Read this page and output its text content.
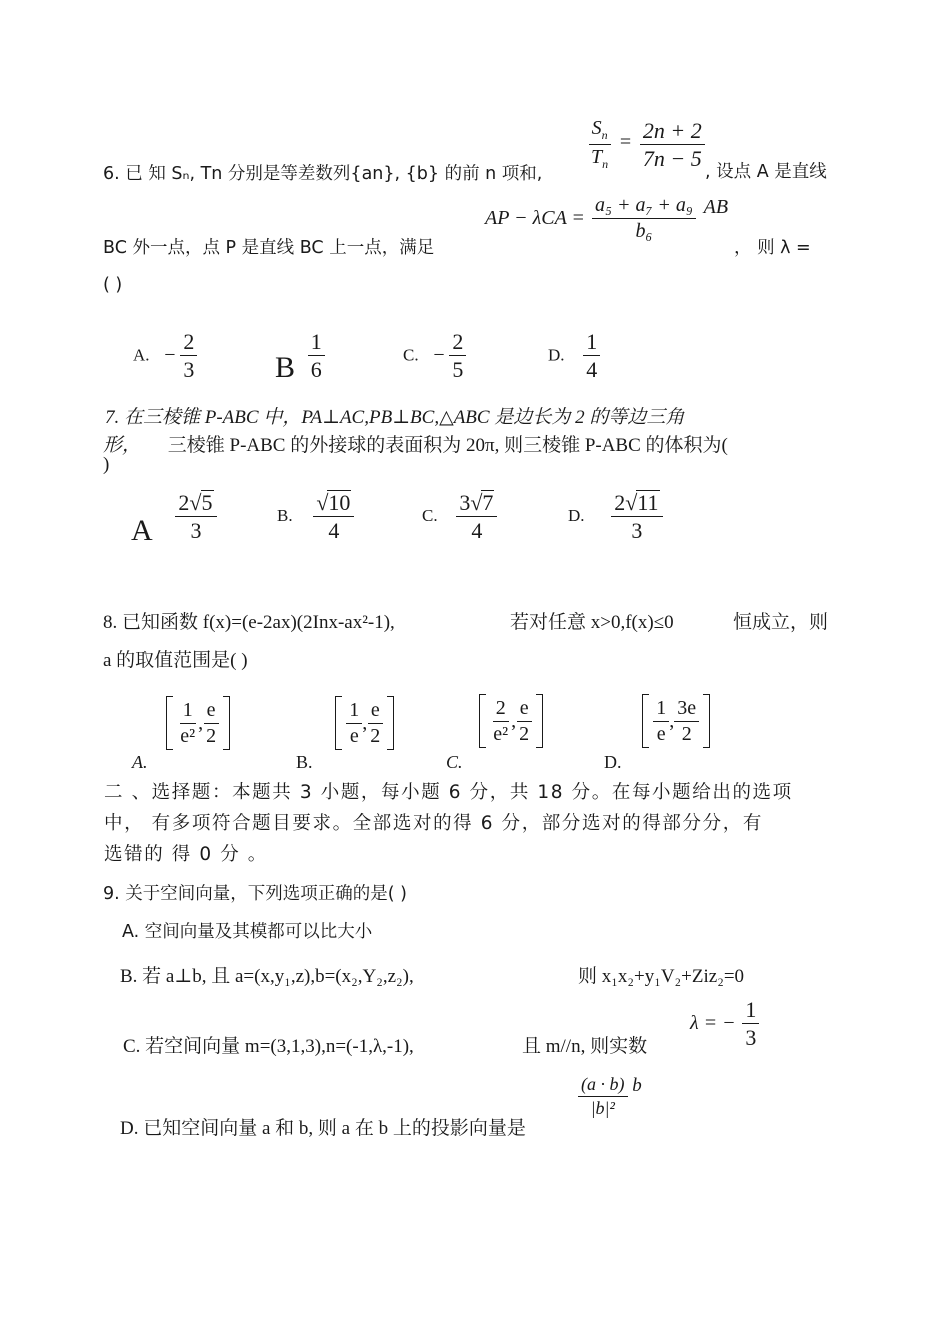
6. 已 知 Sₙ, Tn 分别是等差数列{an}, {b} 的前 n 项和,
$\frac{S_n}{T_n} = \frac{2n + 2}{7n - 5}$
, 设点 A 是直线
BC 外一点，点 P 是直线 BC 上一点，满足
AP − $\lambda CA = \frac{\text{a₅ + a₇ + a₉}}{\text{b₆}}$ AB
， 则 λ =
( )
A. − $\frac{2}{3}$	B $\frac{1}{6}$	C. − $\frac{2}{5}$	D. $\frac{1}{4}$
7. 在三棱锥 P-ABC 中，PA⊥AC,PB⊥BC,△ABC 是边长为 2 的等边三角
形， 三棱锥 P-ABC 的外接球的表面积为 20π, 则三棱锥 P-ABC 的体积为(
)
A $\frac{2√5}{3}$	B. $\frac{√10}{4}$	C. $\frac{3√7}{4}$	D. $\frac{2√11}{3}$
8. 已知函数 f(x)=(e-2ax)(2Inx-ax²-1),	若对任意 x>0,f(x)≤0	恒成立，则
a 的取值范围是( )
A.
$\frac{1}{\text{e²}}$ , $\frac{e}{2}$
B.
$\frac{1}{e}$ , $\frac{e}{2}$
C.
$\frac{2}{\text{e²}}$ , $\frac{e}{2}$
D.
$\frac{1}{e}$ , $\frac{3e}{2}$
二 、选择题：本题共 3 小题，每小题 6 分，共 18 分。在每小题给出的选项
中， 有多项符合题目要求。全部选对的得 6 分，部分选对的得部分分，有
选错的 得 0 分 。
9. 关于空间向量，下列选项正确的是( )
A. 空间向量及其模都可以比大小
B. 若 a⊥b, 且 a=(x,y₁,z),b=(x₂,Y₂,z₂),	则 x₁x₂+y₁V₂+Ziz₂=0
C. 若空间向量 m=(3,1,3),n=(-1,λ,-1),	且 m//n, 则实数
λ = − $\frac{1}{3}$
D. 已知空间向量 a 和 b, 则 a 在 b 上的投影向量是
$\frac{(a \cdot b)}{\text{|b|²}}$ b
